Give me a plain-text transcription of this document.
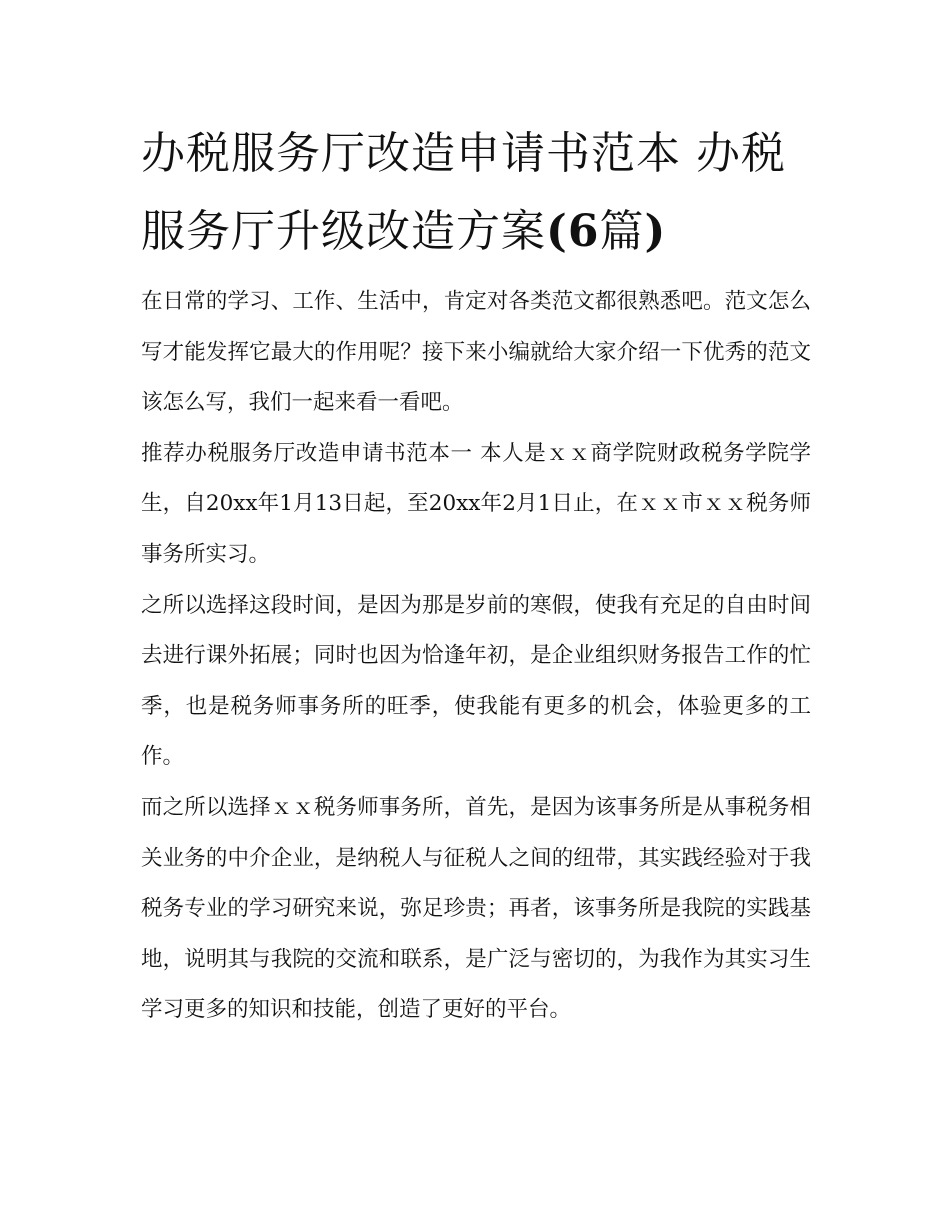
办税服务厅改造申请书范本 办税服务厅升级改造方案(6篇)

在日常的学习、工作、生活中，肯定对各类范文都很熟悉吧。范文怎么写才能发挥它最大的作用呢？接下来小编就给大家介绍一下优秀的范文该怎么写，我们一起来看一看吧。

推荐办税服务厅改造申请书范本一 本人是ｘｘ商学院财政税务学院学生，自20xx年1月13日起，至20xx年2月1日止，在ｘｘ市ｘｘ税务师事务所实习。

之所以选择这段时间，是因为那是岁前的寒假，使我有充足的自由时间去进行课外拓展；同时也因为恰逢年初，是企业组织财务报告工作的忙季，也是税务师事务所的旺季，使我能有更多的机会，体验更多的工作。

而之所以选择ｘｘ税务师事务所，首先，是因为该事务所是从事税务相关业务的中介企业，是纳税人与征税人之间的纽带，其实践经验对于我税务专业的学习研究来说，弥足珍贵；再者，该事务所是我院的实践基地，说明其与我院的交流和联系，是广泛与密切的，为我作为其实习生学习更多的知识和技能，创造了更好的平台。
